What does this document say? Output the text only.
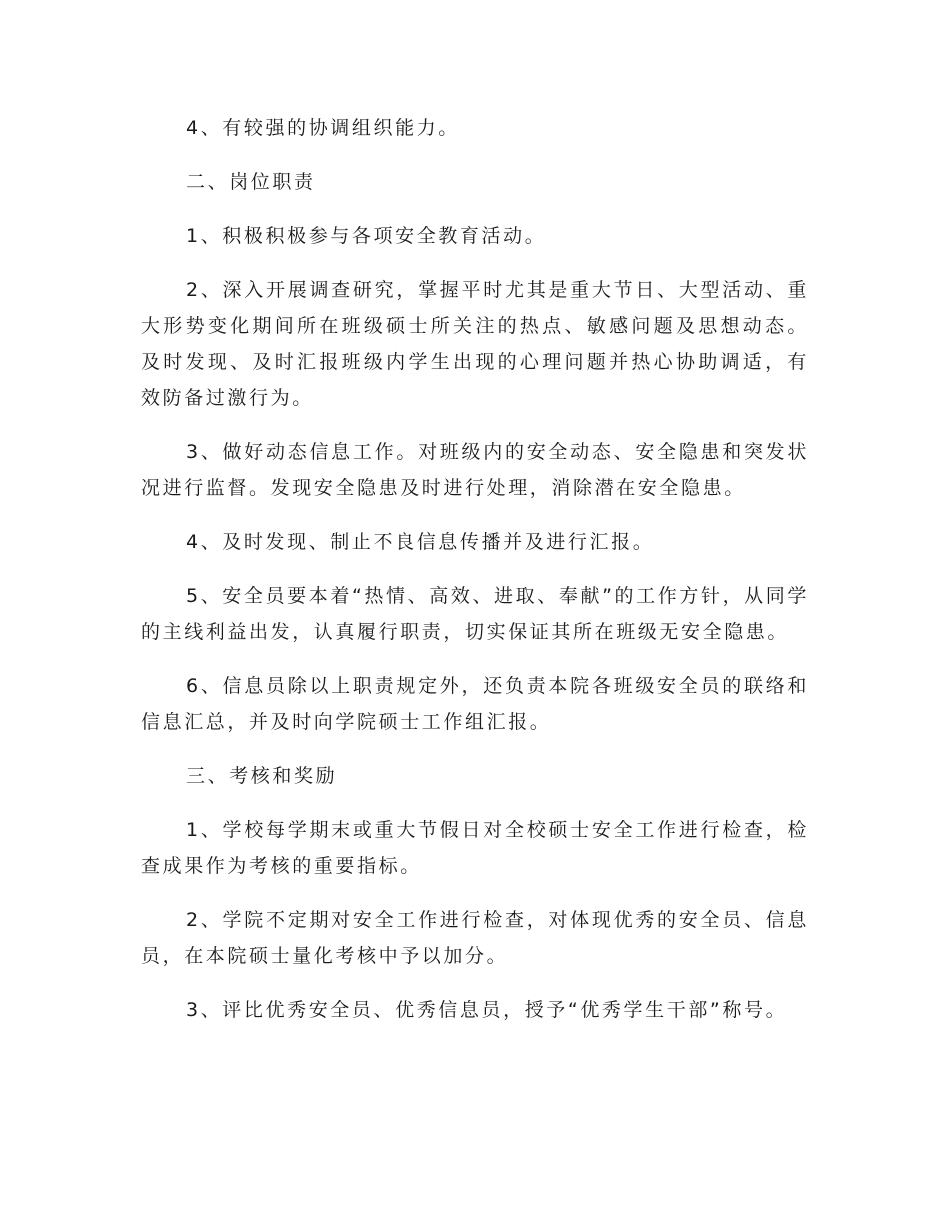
4、有较强的协调组织能力。

二、岗位职责

1、积极积极参与各项安全教育活动。

2、深入开展调查研究，掌握平时尤其是重大节日、大型活动、重大形势变化期间所在班级硕士所关注的热点、敏感问题及思想动态。及时发现、及时汇报班级内学生出现的心理问题并热心协助调适，有效防备过激行为。

3、做好动态信息工作。对班级内的安全动态、安全隐患和突发状况进行监督。发现安全隐患及时进行处理，消除潜在安全隐患。

4、及时发现、制止不良信息传播并及进行汇报。

5、安全员要本着“热情、高效、进取、奉献”的工作方针，从同学的主线利益出发，认真履行职责，切实保证其所在班级无安全隐患。

6、信息员除以上职责规定外，还负责本院各班级安全员的联络和信息汇总，并及时向学院硕士工作组汇报。

三、考核和奖励

1、学校每学期末或重大节假日对全校硕士安全工作进行检查，检查成果作为考核的重要指标。

2、学院不定期对安全工作进行检查，对体现优秀的安全员、信息员，在本院硕士量化考核中予以加分。

3、评比优秀安全员、优秀信息员，授予“优秀学生干部”称号。
